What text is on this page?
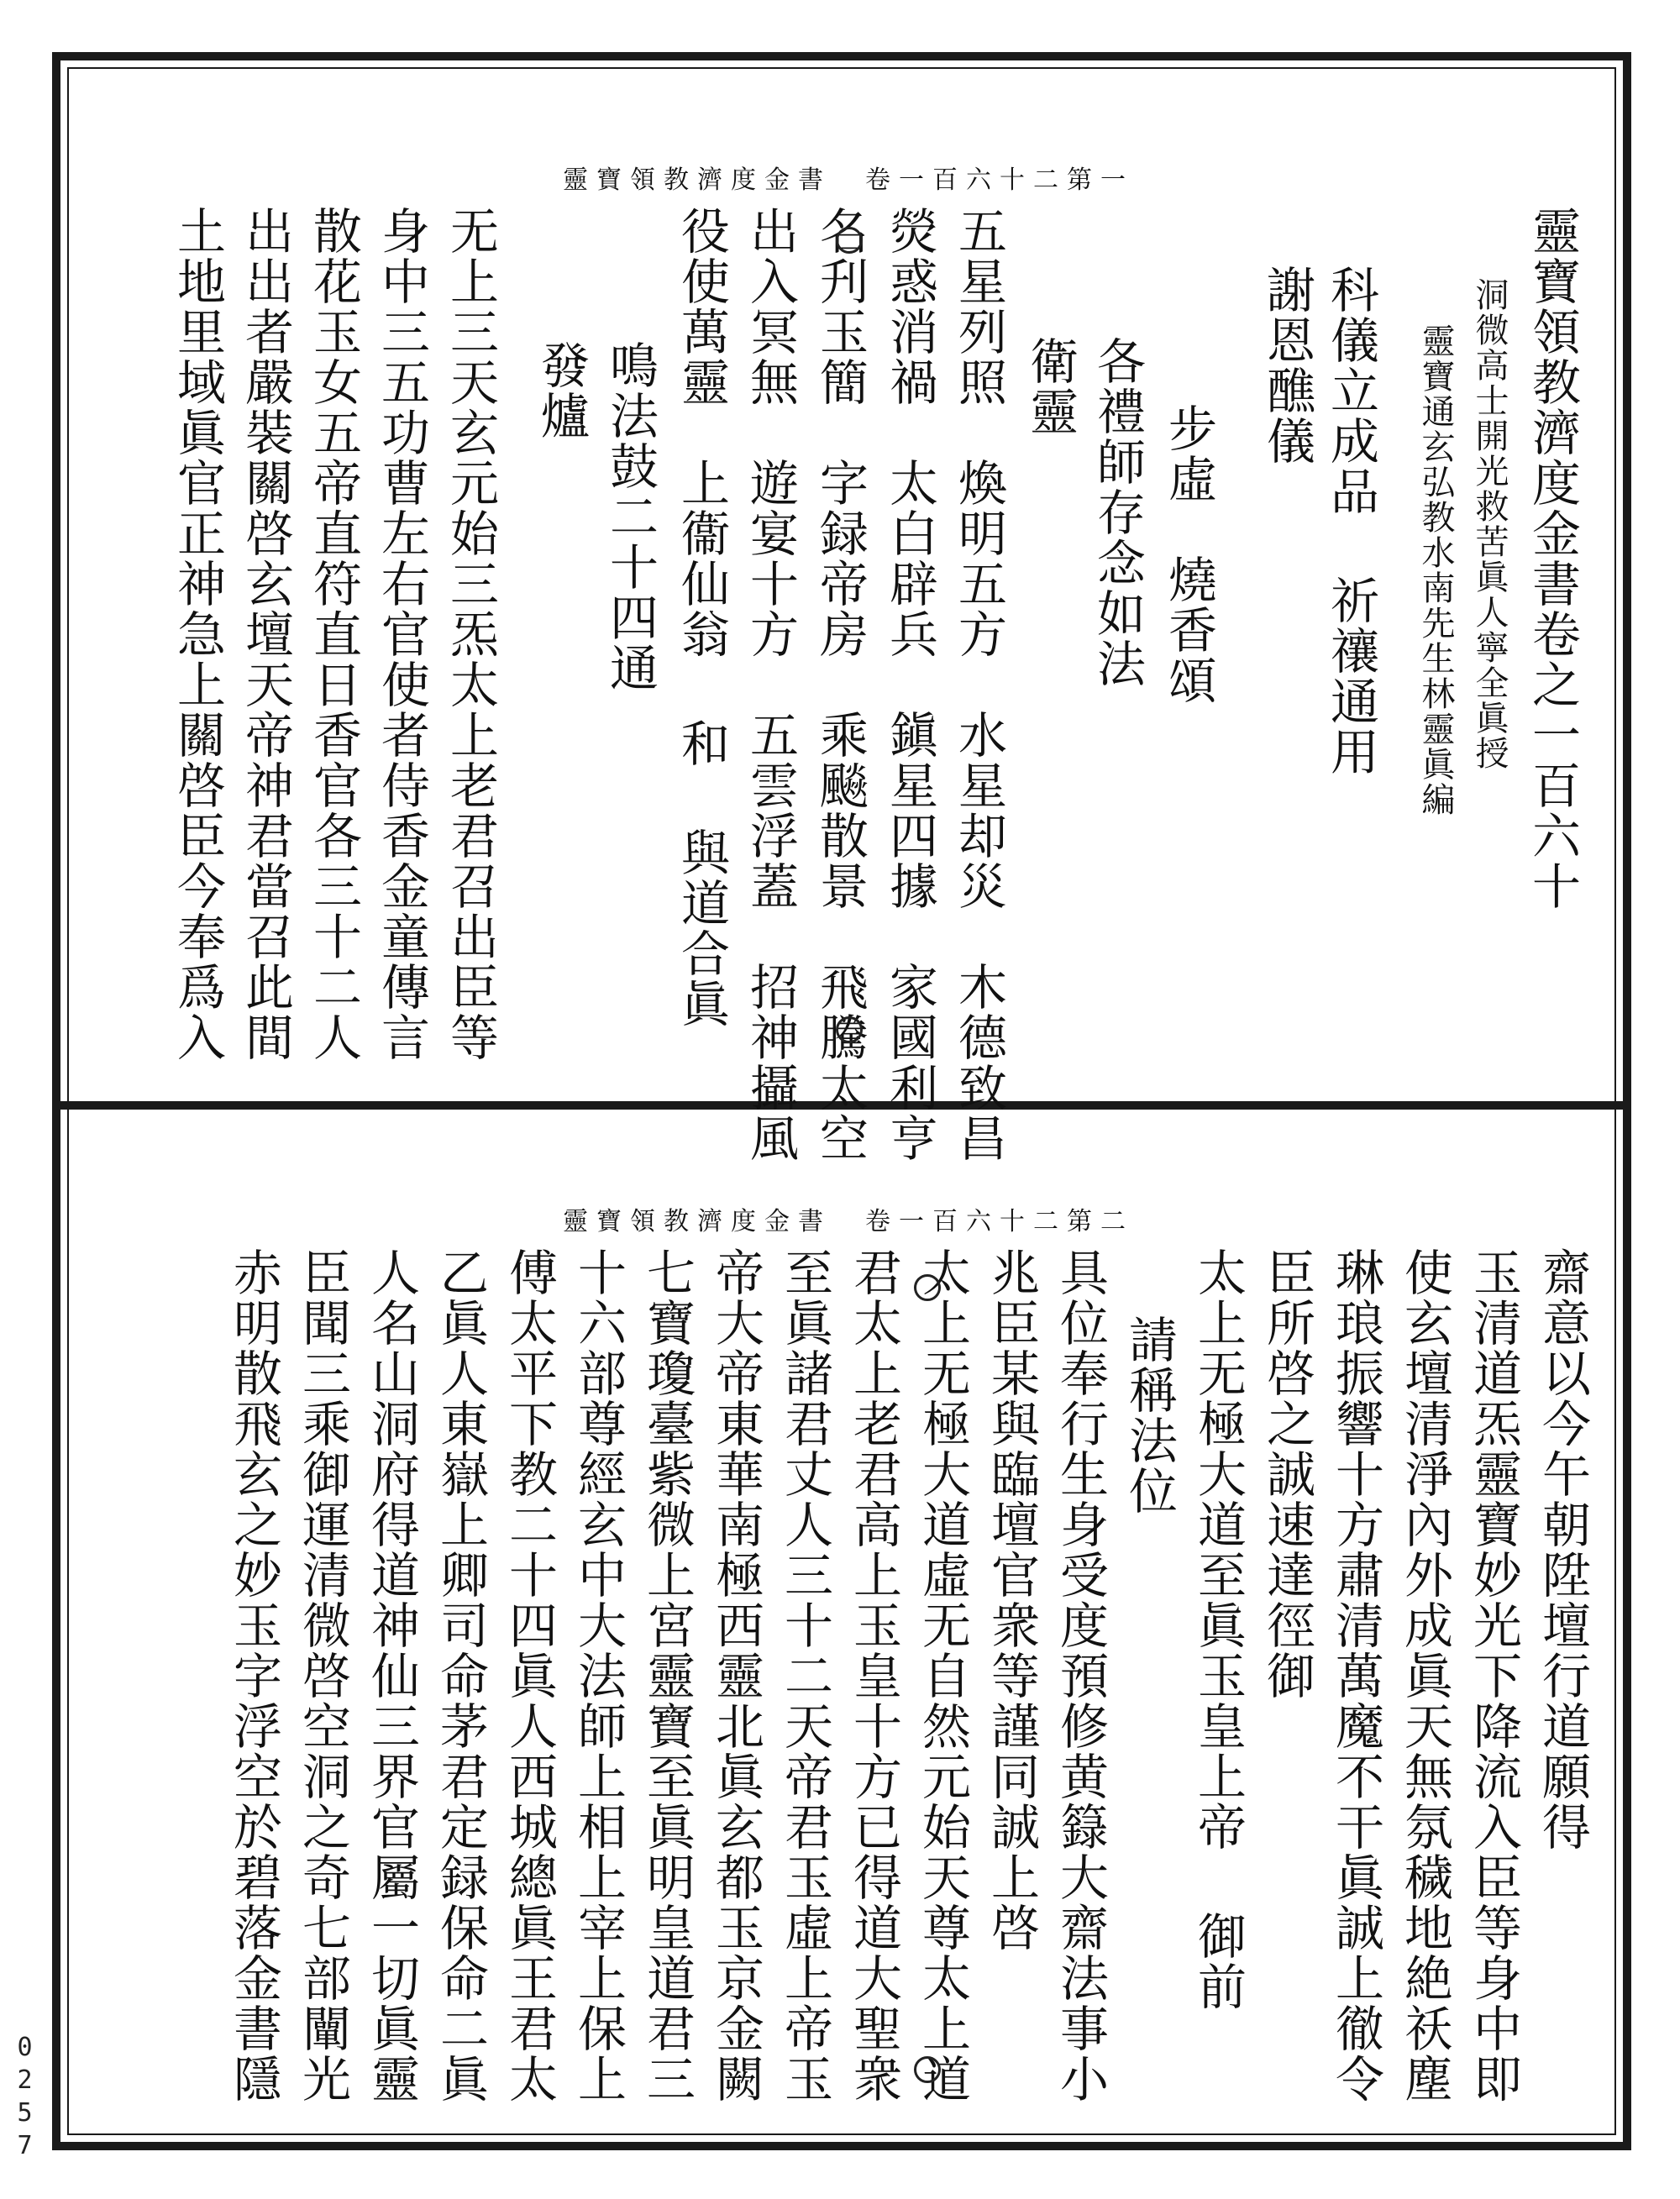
靈寶領教濟度金書卷之一百六十
洞微高士開光救苦眞人寧全眞授
靈寶通玄弘教水南先生林靈眞編
科儀立成品 祈禳通用
謝恩醮儀
步虛　燒香頌
各禮師存念如法
衛靈
五星列照　煥明五方　水星却災　木德致昌
熒惑消禍　太白辟兵　鎭星四據　家國利亨
名刋玉簡　字録帝房　乘飈散景　飛騰太空
出入冥無　遊宴十方　五雲浮蓋　招神攝風
役使萬靈　上衞仙翁 和 與道合眞
鳴法鼓二十四通
發爐
无上三天玄元始三炁太上老君召出臣等
身中三五功曹左右官使者侍香金童傳言
散花玉女五帝直符直日香官各三十二人
出出者嚴裝關啓玄壇天帝神君當召此間
土地里域眞官正神急上關啓臣今奉爲入
靈寶領教濟度金書　卷一百六十二第一
齋意以今午朝陞壇行道願得
玉清道炁靈寶妙光下降流入臣等身中即
使玄壇清淨內外成眞天無氛穢地絶祅塵
琳琅振響十方肅清萬魔不干眞誠上徹令
臣所啓之誠速達徑御
太上无極大道至眞玉皇上帝 御前
請稱法位
具位奉行生身受度預修黄籙大齋法事小
兆臣某與臨壇官衆等謹同誠上啓
太上无極大道虛无自然元始天尊太上道
君太上老君高上玉皇十方已得道大聖衆
至眞諸君丈人三十二天帝君玉虛上帝玉
帝大帝東華南極西靈北眞玄都玉京金闕
七寶瓊臺紫微上宮靈寶至眞明皇道君三
十六部尊經玄中大法師上相上宰上保上
傅太平下教二十四眞人西城總眞王君太
乙眞人東嶽上卿司命茅君定録保命二眞
人名山洞府得道神仙三界官屬一切眞靈
臣聞三乘御運清微啓空洞之奇七部闡光
赤明散飛玄之妙玉字浮空於碧落金書隱
靈寶領教濟度金書　卷一百六十二第二
0257
